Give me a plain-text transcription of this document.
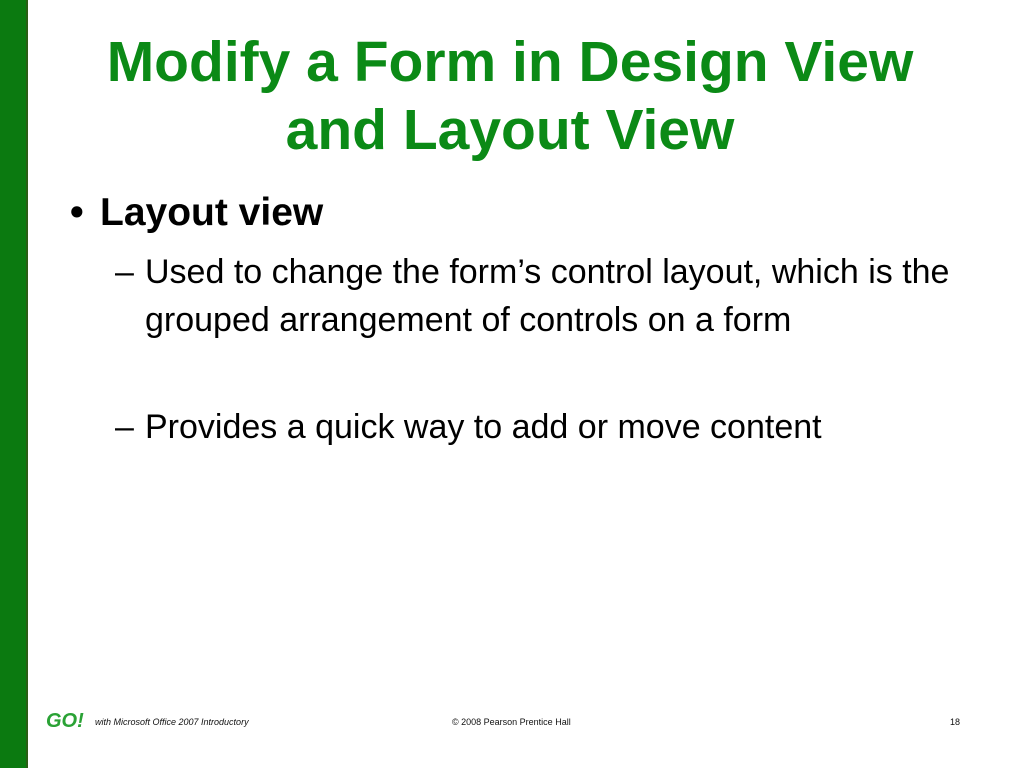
Modify a Form in Design View
and Layout View
• Layout view
– Used to change the form’s control layout, which is the grouped arrangement of controls on a form
– Provides a quick way to add or move content
GO! with Microsoft Office 2007 Introductory	© 2008 Pearson Prentice Hall	18
